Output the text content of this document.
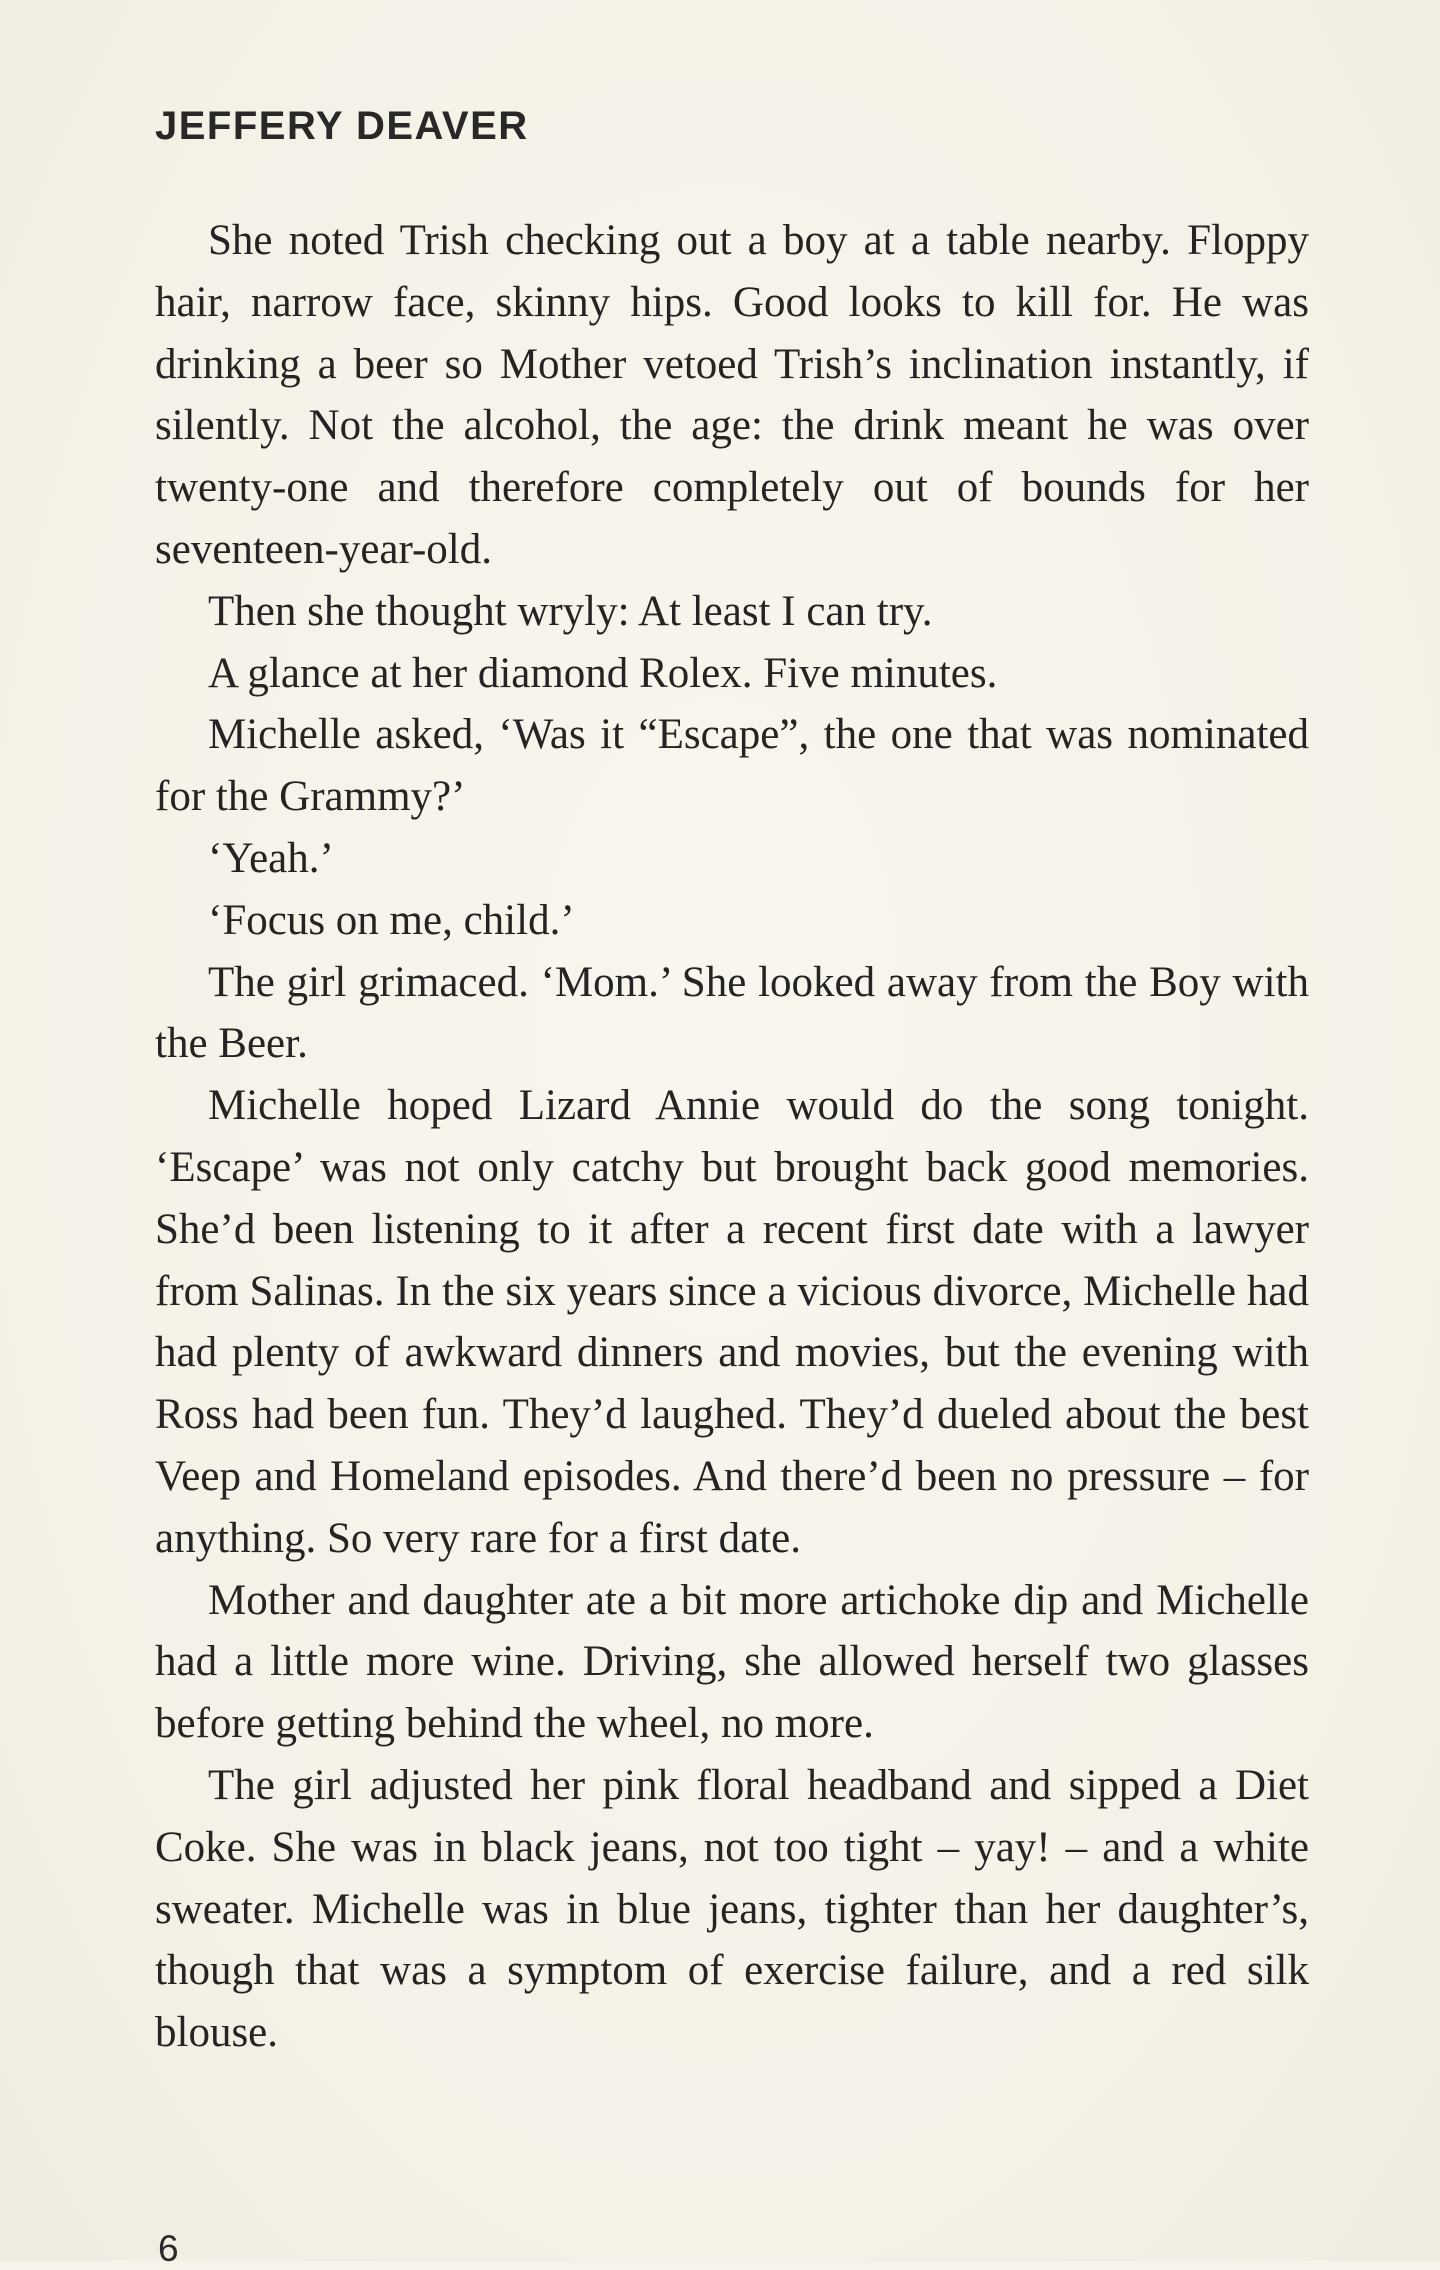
JEFFERY DEAVER

She noted Trish checking out a boy at a table nearby. Floppy hair, narrow face, skinny hips. Good looks to kill for. He was drinking a beer so Mother vetoed Trish’s inclination instantly, if silently. Not the alcohol, the age: the drink meant he was over twenty-one and therefore completely out of bounds for her seventeen-year-old.

Then she thought wryly: At least I can try.

A glance at her diamond Rolex. Five minutes.

Michelle asked, ‘Was it “Escape”, the one that was nominated for the Grammy?’

‘Yeah.’

‘Focus on me, child.’

The girl grimaced. ‘Mom.’ She looked away from the Boy with the Beer.

Michelle hoped Lizard Annie would do the song tonight. ‘Escape’ was not only catchy but brought back good memories. She’d been listening to it after a recent first date with a lawyer from Salinas. In the six years since a vicious divorce, Michelle had had plenty of awkward dinners and movies, but the evening with Ross had been fun. They’d laughed. They’d dueled about the best Veep and Homeland episodes. And there’d been no pressure – for anything. So very rare for a first date.

Mother and daughter ate a bit more artichoke dip and Michelle had a little more wine. Driving, she allowed herself two glasses before getting behind the wheel, no more.

The girl adjusted her pink floral headband and sipped a Diet Coke. She was in black jeans, not too tight – yay! – and a white sweater. Michelle was in blue jeans, tighter than her daughter’s, though that was a symptom of exercise failure, and a red silk blouse.

6
